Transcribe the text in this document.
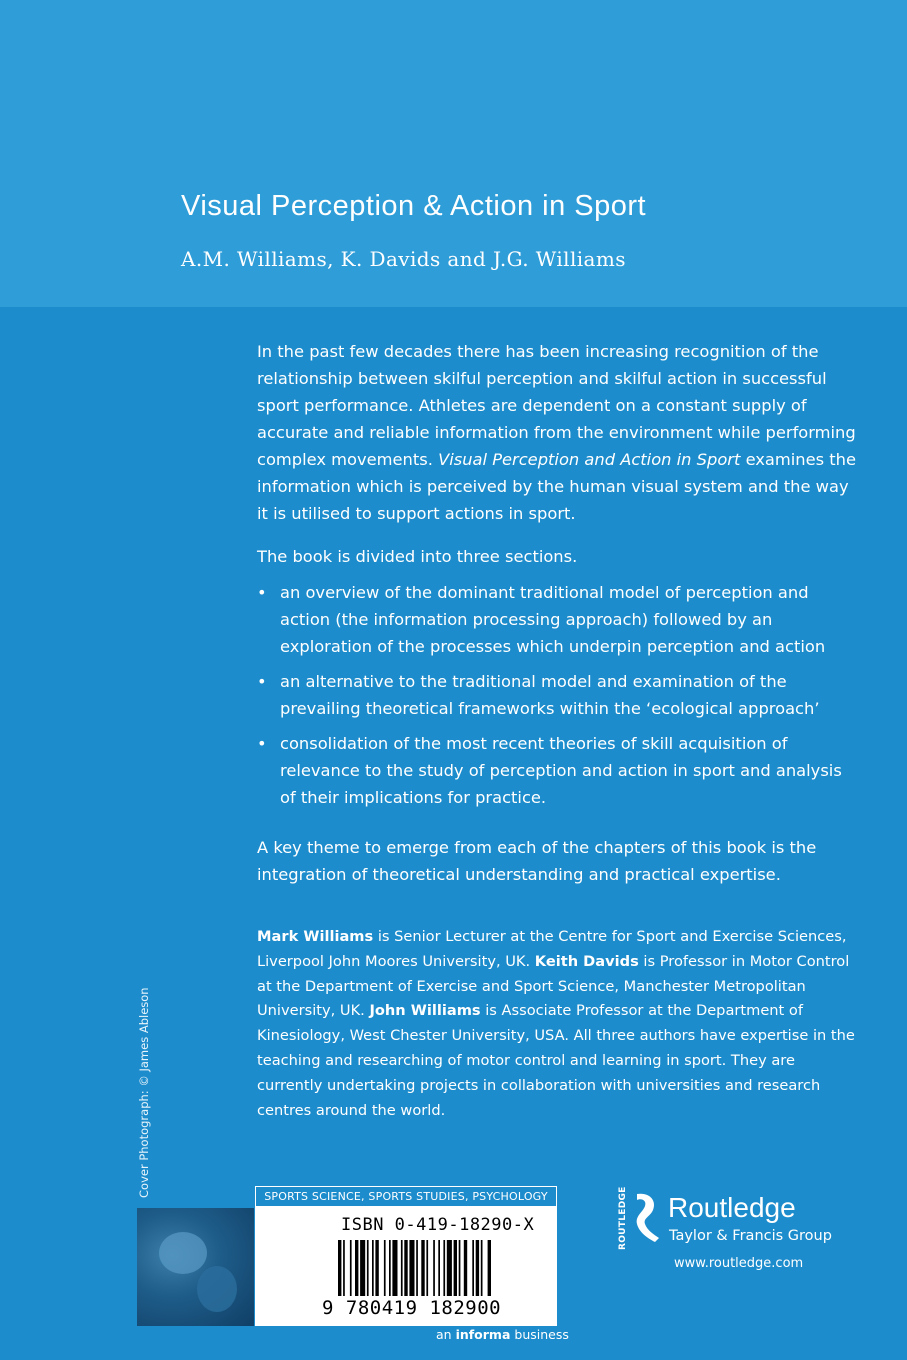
Visual Perception & Action in Sport
A.M. Williams, K. Davids and J.G. Williams

In the past few decades there has been increasing recognition of the relationship between skilful perception and skilful action in successful sport performance. Athletes are dependent on a constant supply of accurate and reliable information from the environment while performing complex movements. Visual Perception and Action in Sport examines the information which is perceived by the human visual system and the way it is utilised to support actions in sport.

The book is divided into three sections.

• an overview of the dominant traditional model of perception and action (the information processing approach) followed by an exploration of the processes which underpin perception and action
• an alternative to the traditional model and examination of the prevailing theoretical frameworks within the ‘ecological approach’
• consolidation of the most recent theories of skill acquisition of relevance to the study of perception and action in sport and analysis of their implications for practice.

A key theme to emerge from each of the chapters of this book is the integration of theoretical understanding and practical expertise.

Mark Williams is Senior Lecturer at the Centre for Sport and Exercise Sciences, Liverpool John Moores University, UK. Keith Davids is Professor in Motor Control at the Department of Exercise and Sport Science, Manchester Metropolitan University, UK. John Williams is Associate Professor at the Department of Kinesiology, West Chester University, USA. All three authors have expertise in the teaching and researching of motor control and learning in sport. They are currently undertaking projects in collaboration with universities and research centres around the world.
Cover Photograph: © James Ableson	SPORTS SCIENCE, SPORTS STUDIES, PSYCHOLOGY
ISBN 0-419-18290-X
9 780419 182900
an informa business
ROUTLEDGE Routledge
Taylor & Francis Group
www.routledge.com
